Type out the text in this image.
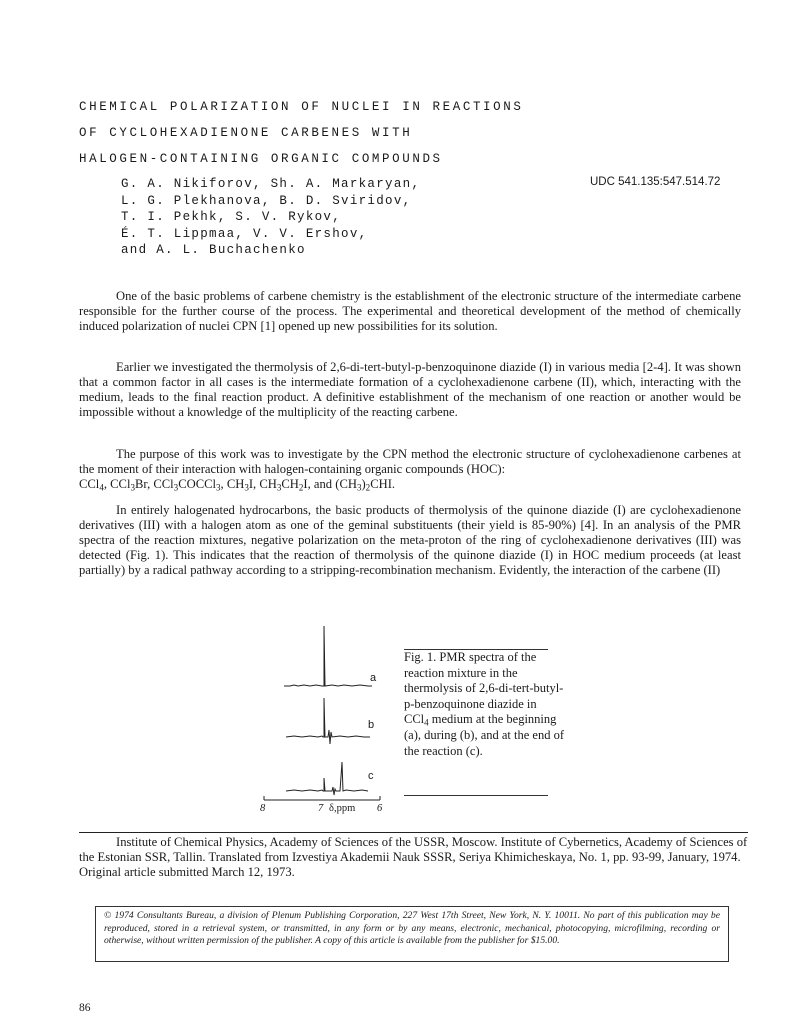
CHEMICAL POLARIZATION OF NUCLEI IN REACTIONS
OF CYCLOHEXADIENONE CARBENES WITH
HALOGEN-CONTAINING ORGANIC COMPOUNDS
G. A. Nikiforov, Sh. A. Markaryan,
L. G. Plekhanova, B. D. Sviridov,
T. I. Pekhk, S. V. Rykov,
É. T. Lippmaa, V. V. Ershov,
and A. L. Buchachenko
UDC 541.135:547.514.72

One of the basic problems of carbene chemistry is the establishment of the electronic structure of the intermediate carbene responsible for the further course of the process. The experimental and theoretical development of the method of chemically induced polarization of nuclei CPN [1] opened up new possibilities for its solution.

Earlier we investigated the thermolysis of 2,6-di-tert-butyl-p-benzoquinone diazide (I) in various media [2-4]. It was shown that a common factor in all cases is the intermediate formation of a cyclohexadienone carbene (II), which, interacting with the medium, leads to the final reaction product. A definitive establishment of the mechanism of one reaction or another would be impossible without a knowledge of the multiplicity of the reacting carbene.

The purpose of this work was to investigate by the CPN method the electronic structure of cyclohexadienone carbenes at the moment of their interaction with halogen-containing organic compounds (HOC):
CCl$_4$, CCl$_3$Br, CCl$_3$COCCl$_3$, $CH_3I$, $CH_3CH_2I$, and $(CH_3)_2CHI$.

In entirely halogenated hydrocarbons, the basic products of thermolysis of the quinone diazide (I) are cyclohexadienone derivatives (III) with a halogen atom as one of the geminal substituents (their yield is 85-90%) [4]. In an analysis of the PMR spectra of the reaction mixtures, negative polarization on the meta-proton of the ring of cyclohexadienone derivatives (III) was detected (Fig. 1). This indicates that the reaction of thermolysis of the quinone diazide (I) in HOC medium proceeds (at least partially) by a radical pathway according to a stripping-recombination mechanism. Evidently, the interaction of the carbene (II)

a
b
c
8	7 δ,ppm 6

Fig. 1. PMR spectra of the reaction mixture in the thermolysis of 2,6-di-tert-butyl-p-benzoquinone diazide in CCl$_4$ medium at the beginning (a), during (b), and at the end of the reaction (c).

Institute of Chemical Physics, Academy of Sciences of the USSR, Moscow. Institute of Cybernetics, Academy of Sciences of the Estonian SSR, Tallin. Translated from Izvestiya Akademii Nauk SSSR, Seriya Khimicheskaya, No. 1, pp. 93-99, January, 1974. Original article submitted March 12, 1973.

© 1974 Consultants Bureau, a division of Plenum Publishing Corporation, 227 West 17th Street, New York, N. Y. 10011. No part of this publication may be reproduced, stored in a retrieval system, or transmitted, in any form or by any means, electronic, mechanical, photocopying, microfilming, recording or otherwise, without written permission of the publisher. A copy of this article is available from the publisher for $15.00.
86
